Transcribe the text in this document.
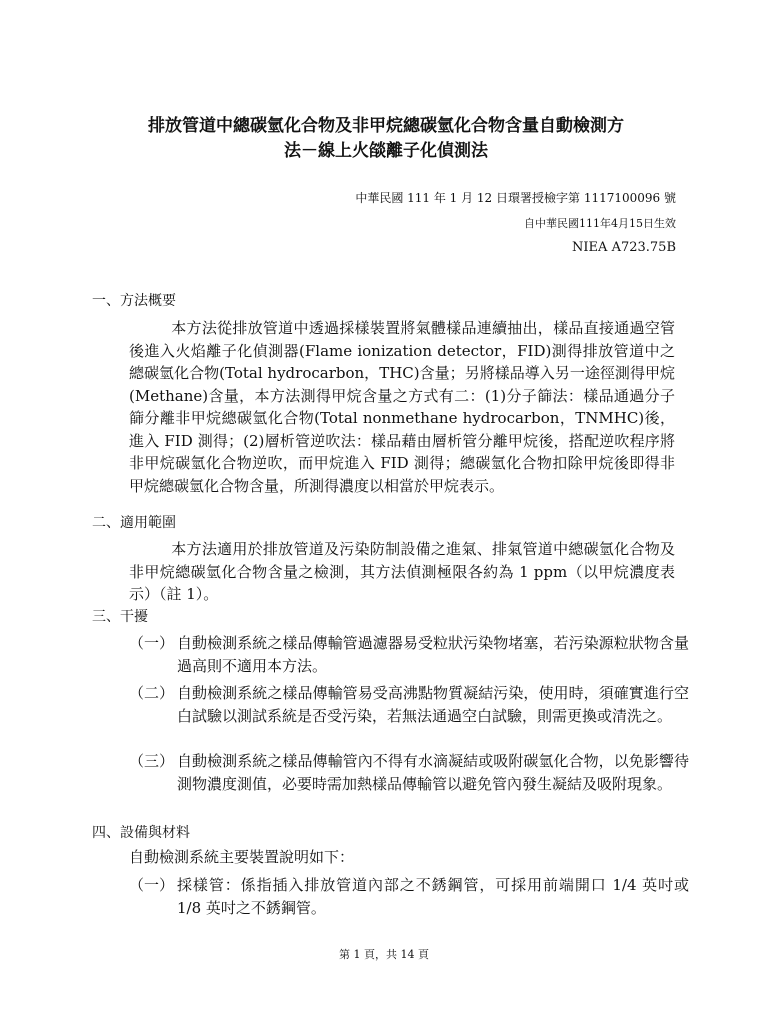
排放管道中總碳氫化合物及非甲烷總碳氫化合物含量自動檢測方
法－線上火燄離子化偵測法
中華民國 111 年 1 月 12 日環署授檢字第 1117100096 號
自中華民國111年4月15日生效
NIEA A723.75B
一、方法概要
本方法從排放管道中透過採樣裝置將氣體樣品連續抽出，樣品直接通過空管後進入火焰離子化偵測器(Flame ionization detector，FID)測得排放管道中之總碳氫化合物(Total hydrocarbon，THC)含量；另將樣品導入另一途徑測得甲烷(Methane)含量，本方法測得甲烷含量之方式有二：(1)分子篩法：樣品通過分子篩分離非甲烷總碳氫化合物(Total nonmethane hydrocarbon，TNMHC)後，進入 FID 測得；(2)層析管逆吹法：樣品藉由層析管分離甲烷後，搭配逆吹程序將非甲烷碳氫化合物逆吹，而甲烷進入 FID 測得；總碳氫化合物扣除甲烷後即得非甲烷總碳氫化合物含量，所測得濃度以相當於甲烷表示。
二、適用範圍
本方法適用於排放管道及污染防制設備之進氣、排氣管道中總碳氫化合物及非甲烷總碳氫化合物含量之檢測，其方法偵測極限各約為 1 ppm（以甲烷濃度表示）（註 1）。
三、干擾
（一） 自動檢測系統之樣品傳輸管過濾器易受粒狀污染物堵塞，若污染源粒狀物含量過高則不適用本方法。
（二） 自動檢測系統之樣品傳輸管易受高沸點物質凝結污染，使用時，須確實進行空白試驗以測試系統是否受污染，若無法通過空白試驗，則需更換或清洗之。
（三） 自動檢測系統之樣品傳輸管內不得有水滴凝結或吸附碳氫化合物，以免影響待測物濃度測值，必要時需加熱樣品傳輸管以避免管內發生凝結及吸附現象。
四、設備與材料
自動檢測系統主要裝置說明如下：
（一） 採樣管：係指插入排放管道內部之不銹鋼管，可採用前端開口 1/4 英吋或 1/8 英吋之不銹鋼管。
第 1 頁，共 14 頁
